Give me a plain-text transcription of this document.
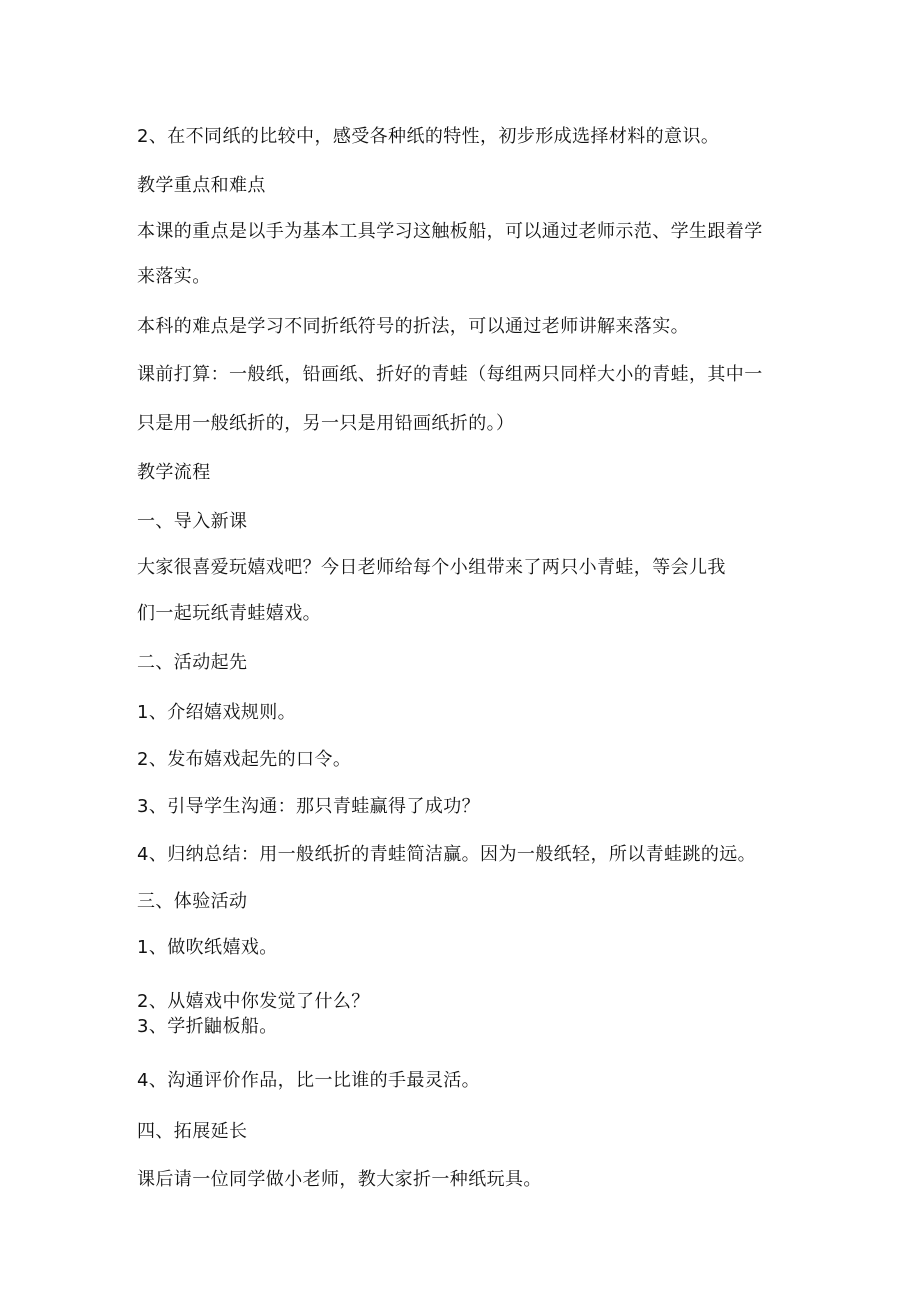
2、在不同纸的比较中，感受各种纸的特性，初步形成选择材料的意识。
教学重点和难点
本课的重点是以手为基本工具学习这触板船，可以通过老师示范、学生跟着学
来落实。
本科的难点是学习不同折纸符号的折法，可以通过老师讲解来落实。
课前打算：一般纸，铅画纸、折好的青蛙（每组两只同样大小的青蛙，其中一
只是用一般纸折的，另一只是用铅画纸折的。）
教学流程
一、导入新课
大家很喜爱玩嬉戏吧？今日老师给每个小组带来了两只小青蛙，等会儿我
们一起玩纸青蛙嬉戏。
二、活动起先
1、介绍嬉戏规则。
2、发布嬉戏起先的口令。
3、引导学生沟通：那只青蛙赢得了成功？
4、归纳总结：用一般纸折的青蛙简洁赢。因为一般纸轻，所以青蛙跳的远。
三、体验活动
1、做吹纸嬉戏。
2、从嬉戏中你发觉了什么？
3、学折鼬板船。
4、沟通评价作品，比一比谁的手最灵活。
四、拓展延长
课后请一位同学做小老师，教大家折一种纸玩具。
